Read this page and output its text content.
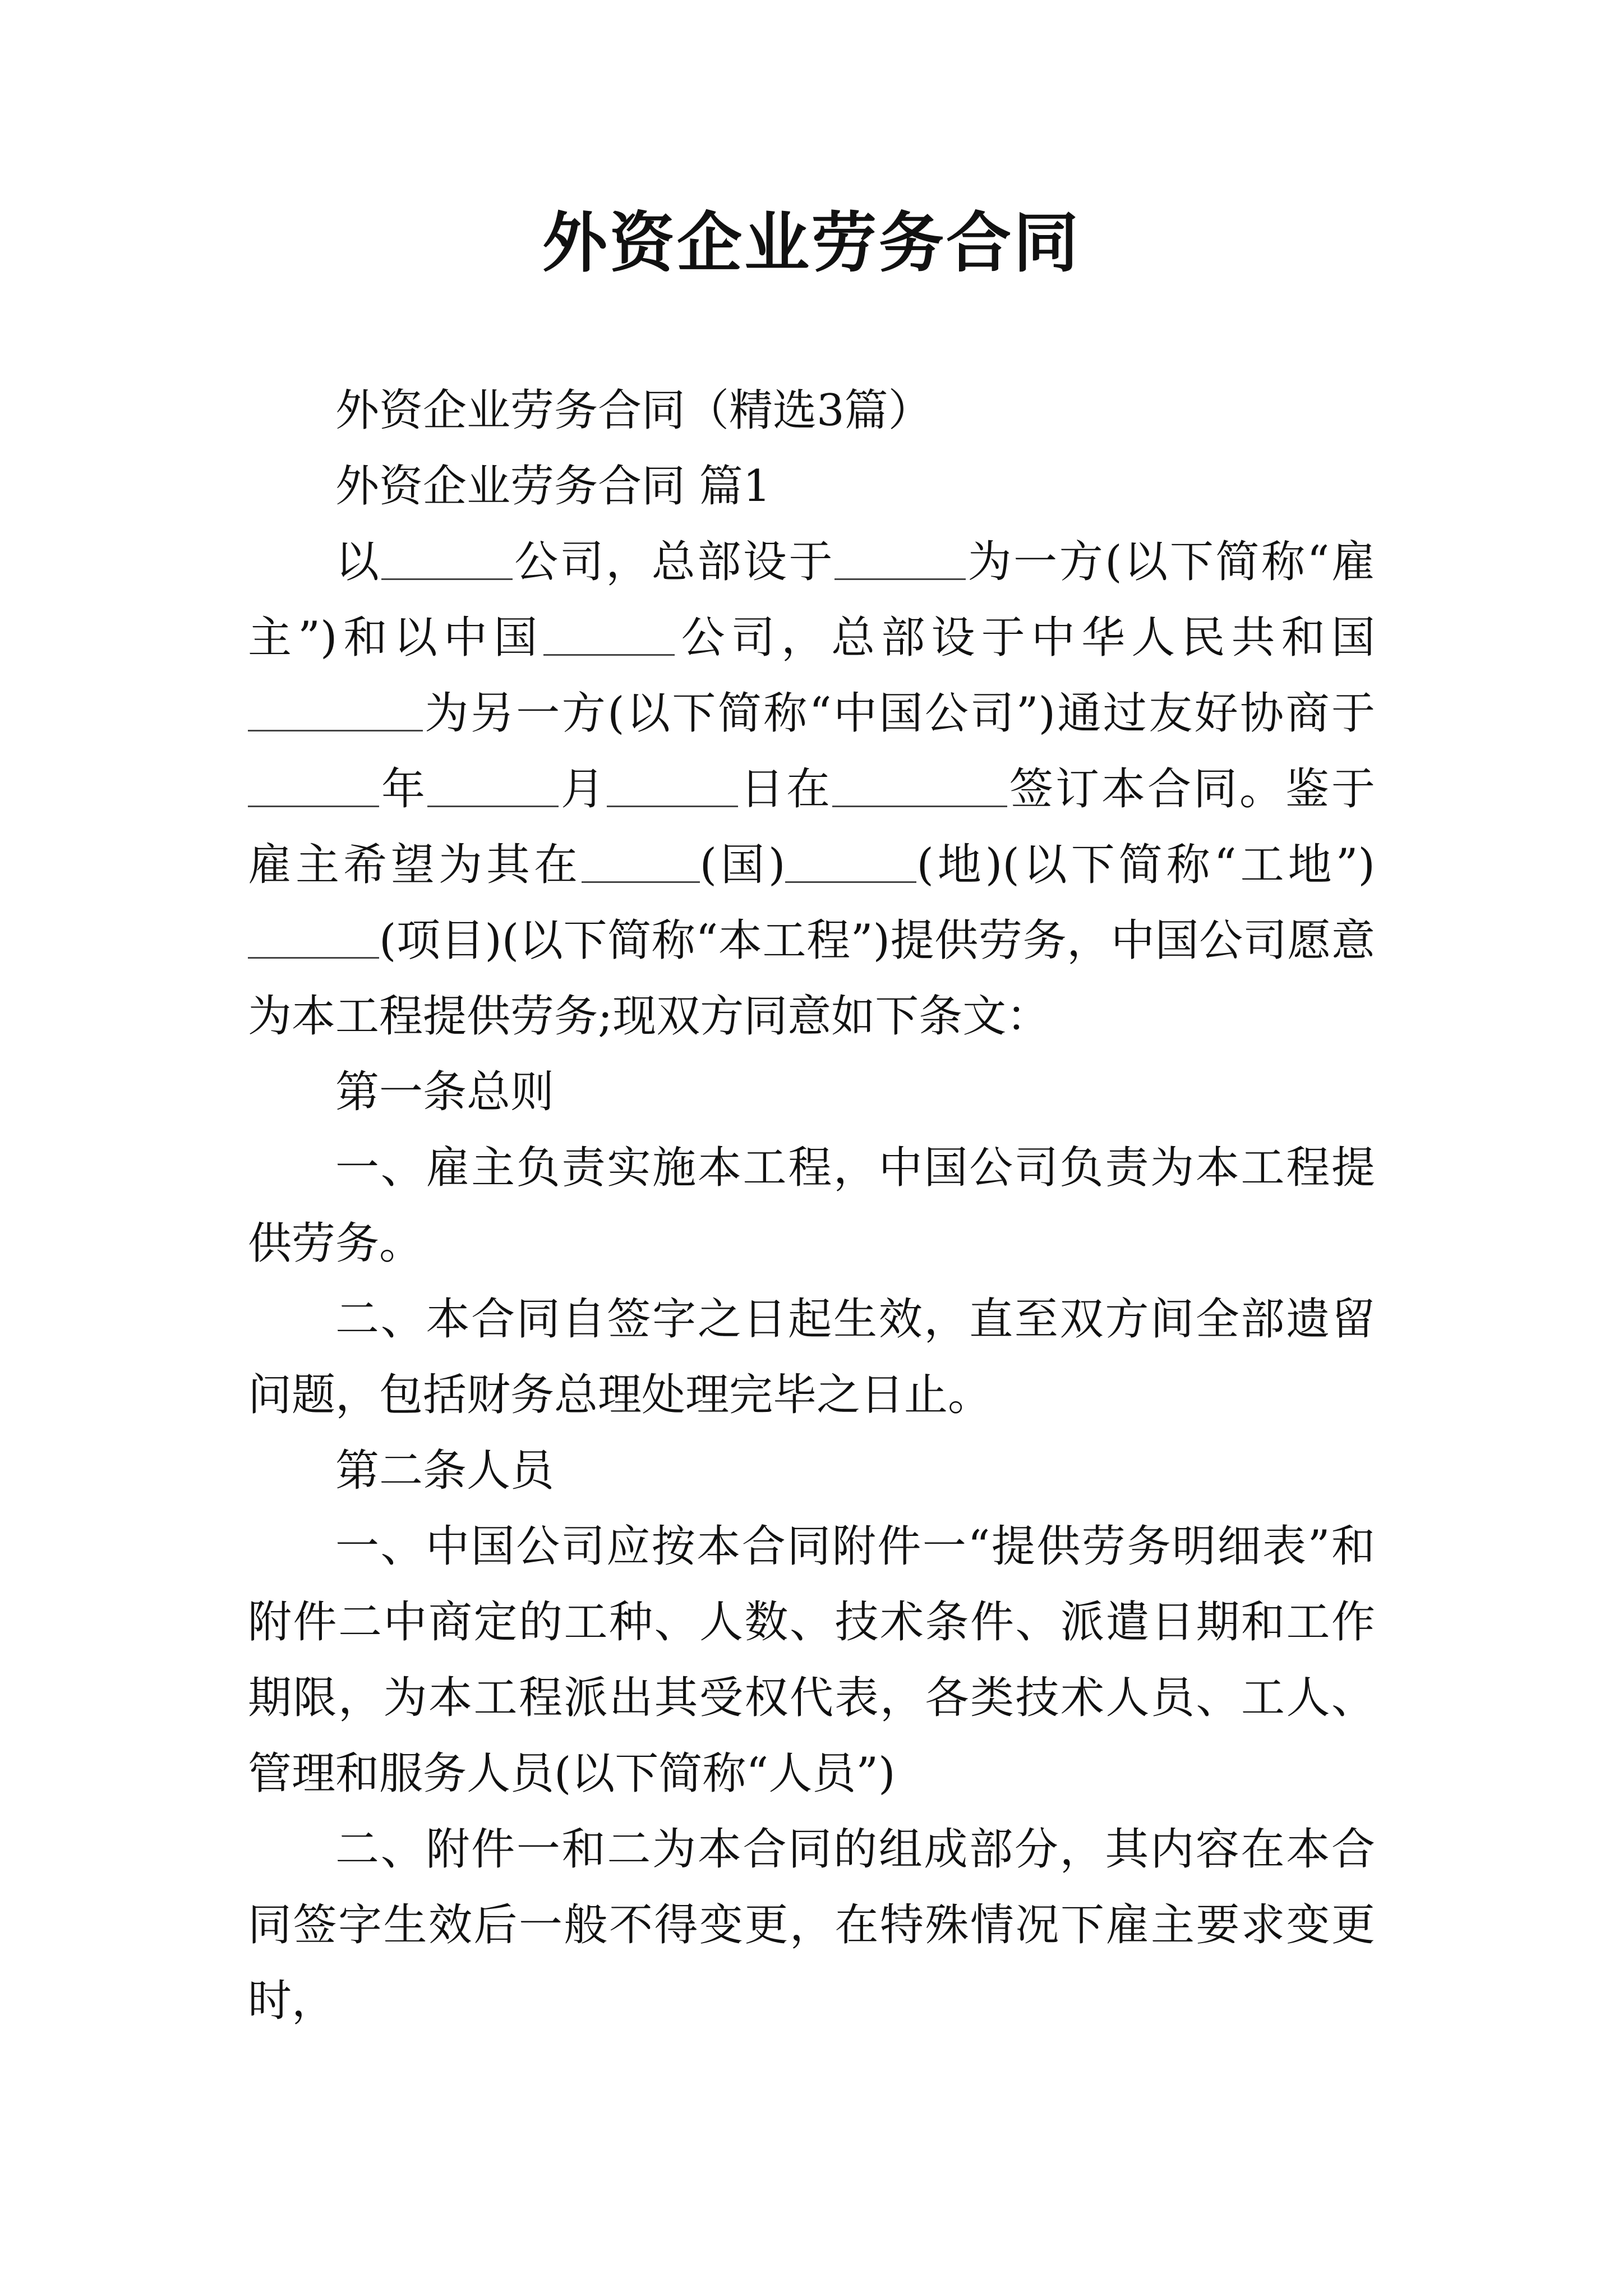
外资企业劳务合同

外资企业劳务合同（精选3篇）

外资企业劳务合同 篇1

以	公司，总部设于	为一方(以下简称“雇主”)和以中国	公司，总部设于中华人民共和国为另一方(以下简称“中国公司”)通过友好协商于年	月	日在	签订本合同。鉴于雇主希望为其在	(国)	(地)(以下简称“工地”)(项目)(以下简称“本工程”)提供劳务，中国公司愿意为本工程提供劳务;现双方同意如下条文：

第一条总则

一、雇主负责实施本工程，中国公司负责为本工程提供劳务。

二、本合同自签字之日起生效，直至双方间全部遗留问题，包括财务总理处理完毕之日止。

第二条人员

一、中国公司应按本合同附件一“提供劳务明细表”和附件二中商定的工种、人数、技术条件、派遣日期和工作期限，为本工程派出其受权代表，各类技术人员、工人、管理和服务人员(以下简称“人员”)

二、附件一和二为本合同的组成部分，其内容在本合同签字生效后一般不得变更，在特殊情况下雇主要求变更时，
